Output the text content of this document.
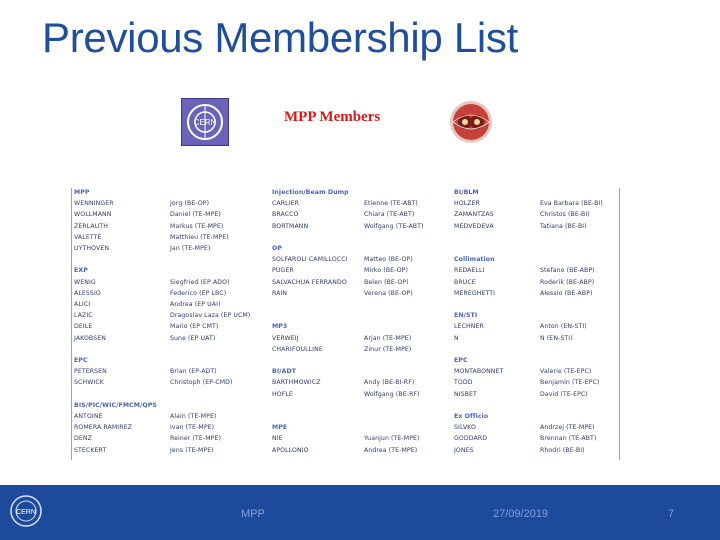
Previous Membership List
CERN	MPP Members
MPP
WENNINGER	Jorg (BE-OP)
WOLLMANN	Daniel (TE-MPE)
ZERLAUTH	Markus (TE-MPE)
VALETTE	Matthieu (TE-MPE)
UYTHOVEN	Jan (TE-MPE)
EXP
WENIG	Siegfried (EP ADO)
ALESSIO	Federico (EP LBC)
ALICI	Andrea (EP UAI)
LAZIC	Dragoslav Laza (EP UCM)
DEILE	Mario (EP CMT)
JAKOBSEN	Sune (EP UAT)
EPC
PETERSEN	Brian (EP-ADT)
SCHWICK	Christoph (EP-CMD)
BIS/PIC/WIC/FMCM/QPS
ANTOINE	Alain (TE-MPE)
ROMERA RAMIREZ	Ivan (TE-MPE)
DENZ	Reiner (TE-MPE)
STECKERT	Jens (TE-MPE)
Injection/Beam Dump
CARLIER	Etienne (TE-ABT)
BRACCO	Chiara (TE-ABT)
BORTMANN	Wolfgang (TE-ABT)
OP
SOLFAROLI CAMILLOCCI	Matteo (BE-OP)
PUGER	Mirko (BE-OP)
SALVACHUA FERRANDO	Belen (BE-OP)
RAIN	Verena (BE-OP)
MP3
VERWEIJ	Arjan (TE-MPE)
CHARIFOULLINE	Zinur (TE-MPE)
BI/ADT
BARTHMOWICZ	Andy (BE-BI-RF)
HOFLE	Wolfgang (BE-RF)
MPE
NIE	Yuanjun (TE-MPE)
APOLLONIO	Andrea (TE-MPE)
BI/BLM
HOLZER	Eva Barbara (BE-BI)
ZAMANTZAS	Christos (BE-BI)
MEDVEDEVA	Tatiana (BE-BI)
Collimation
REDAELLI	Stefano (BE-ABP)
BRUCE	Roderik (BE-ABP)
MEREGHETTI	Alessio (BE-ABP)
EN/STI
LECHNER	Anton (EN-STI)
N	N (EN-STI)
EPC
MONTABONNET	Valerie (TE-EPC)
TODD	Benjamin (TE-EPC)
NISBET	David (TE-EPC)
Ex Officio
SILVKO	Andrzej (TE-MPE)
GODDARD	Brennan (TE-ABT)
JONES	Rhodri (BE-BI)
CERN	MPP	27/09/2019	7
